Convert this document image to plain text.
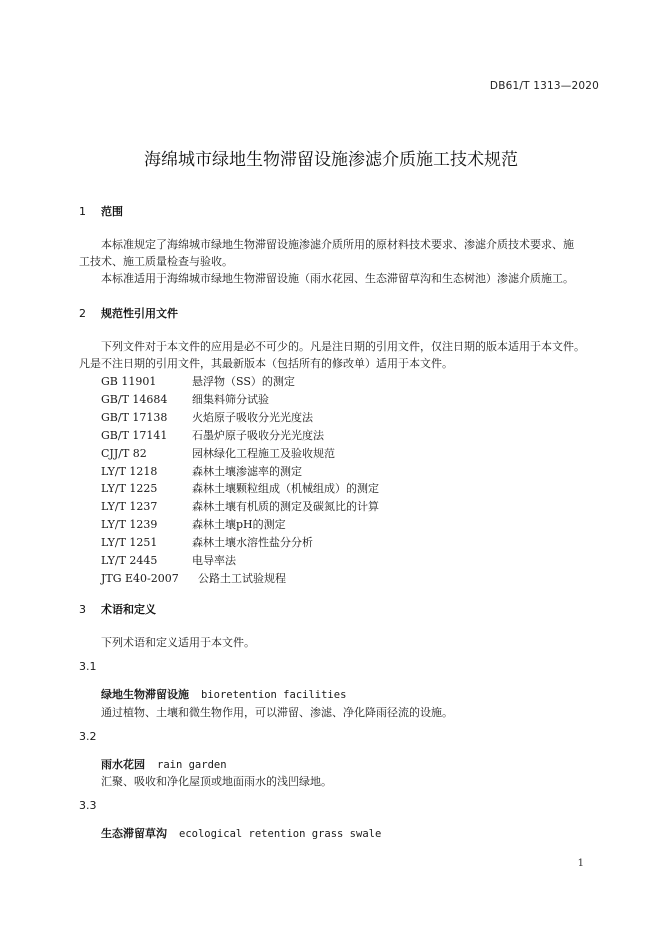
DB61/T 1313—2020
海绵城市绿地生物滞留设施渗滤介质施工技术规范
1 范围
本标准规定了海绵城市绿地生物滞留设施渗滤介质所用的原材料技术要求、渗滤介质技术要求、施
工技术、施工质量检查与验收。
本标准适用于海绵城市绿地生物滞留设施（雨水花园、生态滞留草沟和生态树池）渗滤介质施工。
2 规范性引用文件
下列文件对于本文件的应用是必不可少的。凡是注日期的引用文件，仅注日期的版本适用于本文件。
凡是不注日期的引用文件，其最新版本（包括所有的修改单）适用于本文件。
GB 11901	悬浮物（SS）的测定
GB/T 14684 细集料筛分试验
GB/T 17138 火焰原子吸收分光光度法
GB/T 17141 石墨炉原子吸收分光光度法
CJJ/T 82	园林绿化工程施工及验收规范
LY/T 1218	森林土壤渗滤率的测定
LY/T 1225	森林土壤颗粒组成（机械组成）的测定
LY/T 1237	森林土壤有机质的测定及碳氮比的计算
LY/T 1239	森林土壤pH的测定
LY/T 1251	森林土壤水溶性盐分分析
LY/T 2445	电导率法
JTG E40-2007 公路土工试验规程
3 术语和定义
下列术语和定义适用于本文件。
3.1
绿地生物滞留设施 bioretention facilities
通过植物、土壤和微生物作用，可以滞留、渗滤、净化降雨径流的设施。
3.2
雨水花园 rain garden
汇聚、吸收和净化屋顶或地面雨水的浅凹绿地。
3.3
生态滞留草沟 ecological retention grass swale
1
